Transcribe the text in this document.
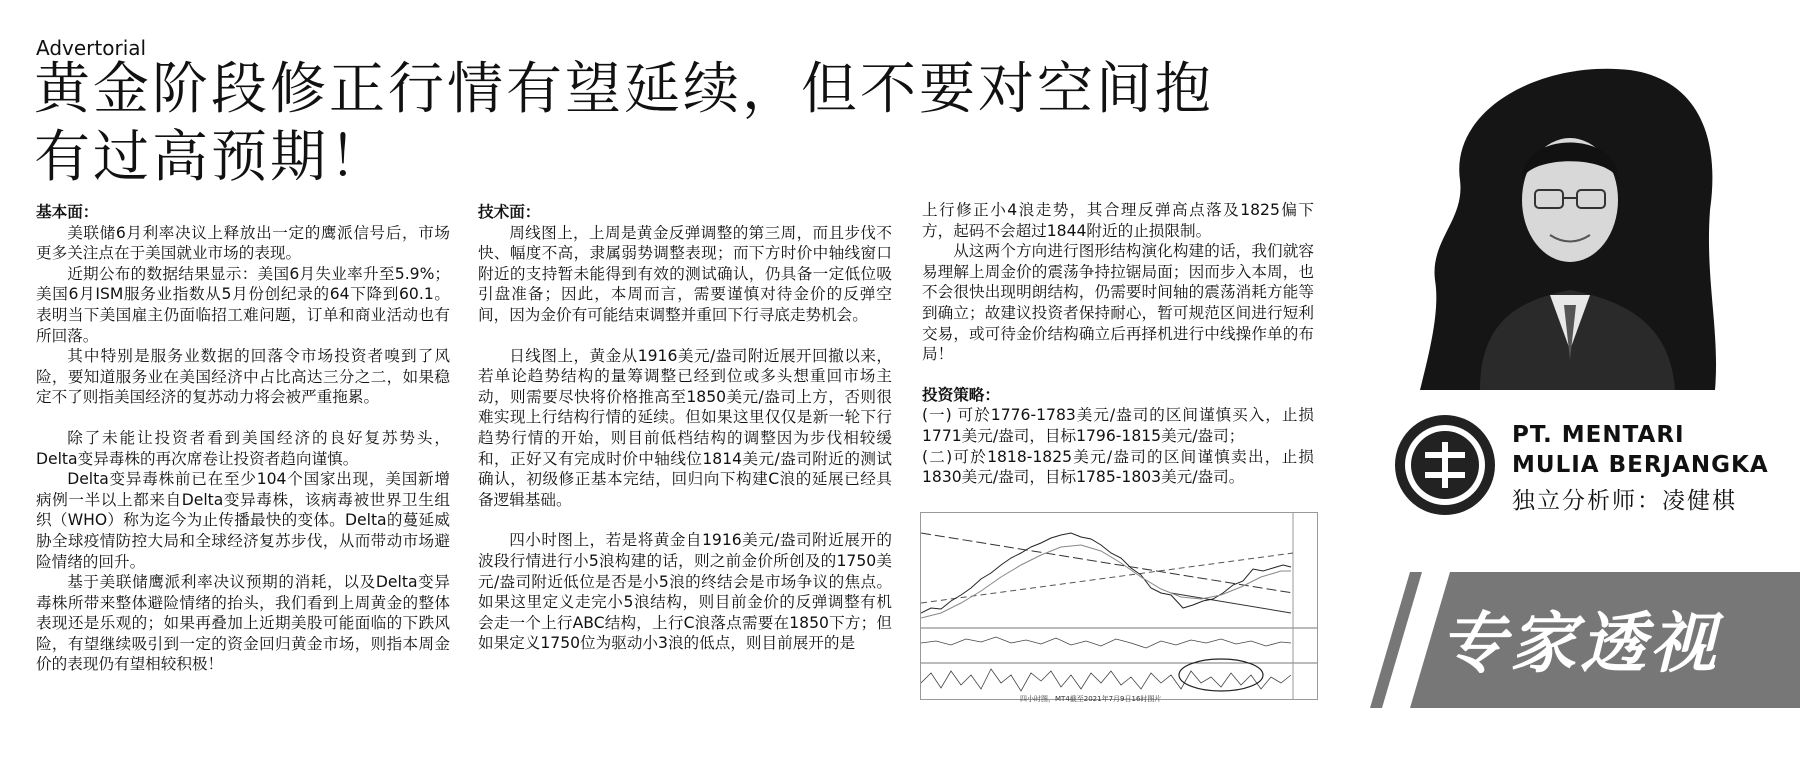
Advertorial
黄金阶段修正行情有望延续，但不要对空间抱
有过高预期！

基本面：

美联储6月利率决议上释放出一定的鹰派信号后，市场更多关注点在于美国就业市场的表现。

近期公布的数据结果显示：美国6月失业率升至5.9%；美国6月ISM服务业指数从5月份创纪录的64下降到60.1。表明当下美国雇主仍面临招工难问题，订单和商业活动也有所回落。

其中特别是服务业数据的回落令市场投资者嗅到了风险，要知道服务业在美国经济中占比高达三分之二，如果稳定不了则指美国经济的复苏动力将会被严重拖累。

除了未能让投资者看到美国经济的良好复苏势头，Delta变异毒株的再次席卷让投资者趋向谨慎。

Delta变异毒株前已在至少104个国家出现，美国新增病例一半以上都来自Delta变异毒株，该病毒被世界卫生组织（WHO）称为迄今为止传播最快的变体。Delta的蔓延威胁全球疫情防控大局和全球经济复苏步伐，从而带动市场避险情绪的回升。

基于美联储鹰派利率决议预期的消耗，以及Delta变异毒株所带来整体避险情绪的抬头，我们看到上周黄金的整体表现还是乐观的；如果再叠加上近期美股可能面临的下跌风险，有望继续吸引到一定的资金回归黄金市场，则指本周金价的表现仍有望相较积极！

技术面：

周线图上，上周是黄金反弹调整的第三周，而且步伐不快、幅度不高，隶属弱势调整表现；而下方时价中轴线窗口附近的支持暂未能得到有效的测试确认，仍具备一定低位吸引盘准备；因此，本周而言，需要谨慎对待金价的反弹空间，因为金价有可能结束调整并重回下行寻底走势机会。

日线图上，黄金从1916美元/盎司附近展开回撤以来，若单论趋势结构的量筹调整已经到位或多头想重回市场主动，则需要尽快将价格推高至1850美元/盎司上方，否则很难实现上行结构行情的延续。但如果这里仅仅是新一轮下行趋势行情的开始，则目前低档结构的调整因为步伐相较缓和，正好又有完成时价中轴线位1814美元/盎司附近的测试确认，初级修正基本完结，回归向下构建C浪的延展已经具备逻辑基础。

四小时图上，若是将黄金自1916美元/盎司附近展开的波段行情进行小5浪构建的话，则之前金价所创及的1750美元/盎司附近低位是否是小5浪的终结会是市场争议的焦点。如果这里定义走完小5浪结构，则目前金价的反弹调整有机会走一个上行ABC结构，上行C浪落点需要在1850下方；但如果定义1750位为驱动小3浪的低点，则目前展开的是

上行修正小4浪走势，其合理反弹高点落及1825偏下方，起码不会超过1844附近的止损限制。

从这两个方向进行图形结构演化构建的话，我们就容易理解上周金价的震荡争持拉锯局面；因而步入本周，也不会很快出现明朗结构，仍需要时间轴的震荡消耗方能等到确立；故建议投资者保持耐心，暂可规范区间进行短利交易，或可待金价结构确立后再择机进行中线操作单的布局！

投资策略：

(一) 可於1776-1783美元/盎司的区间谨慎买入，止损1771美元/盎司，目标1796-1815美元/盎司；

(二)可於1818-1825美元/盎司的区间谨慎卖出，止损1830美元/盎司，目标1785-1803美元/盎司。

四小时图，MT4截至2021年7月9日16时图片
PT. MENTARI
MULIA BERJANGKA
独立分析师：凌健棋
专家透视
